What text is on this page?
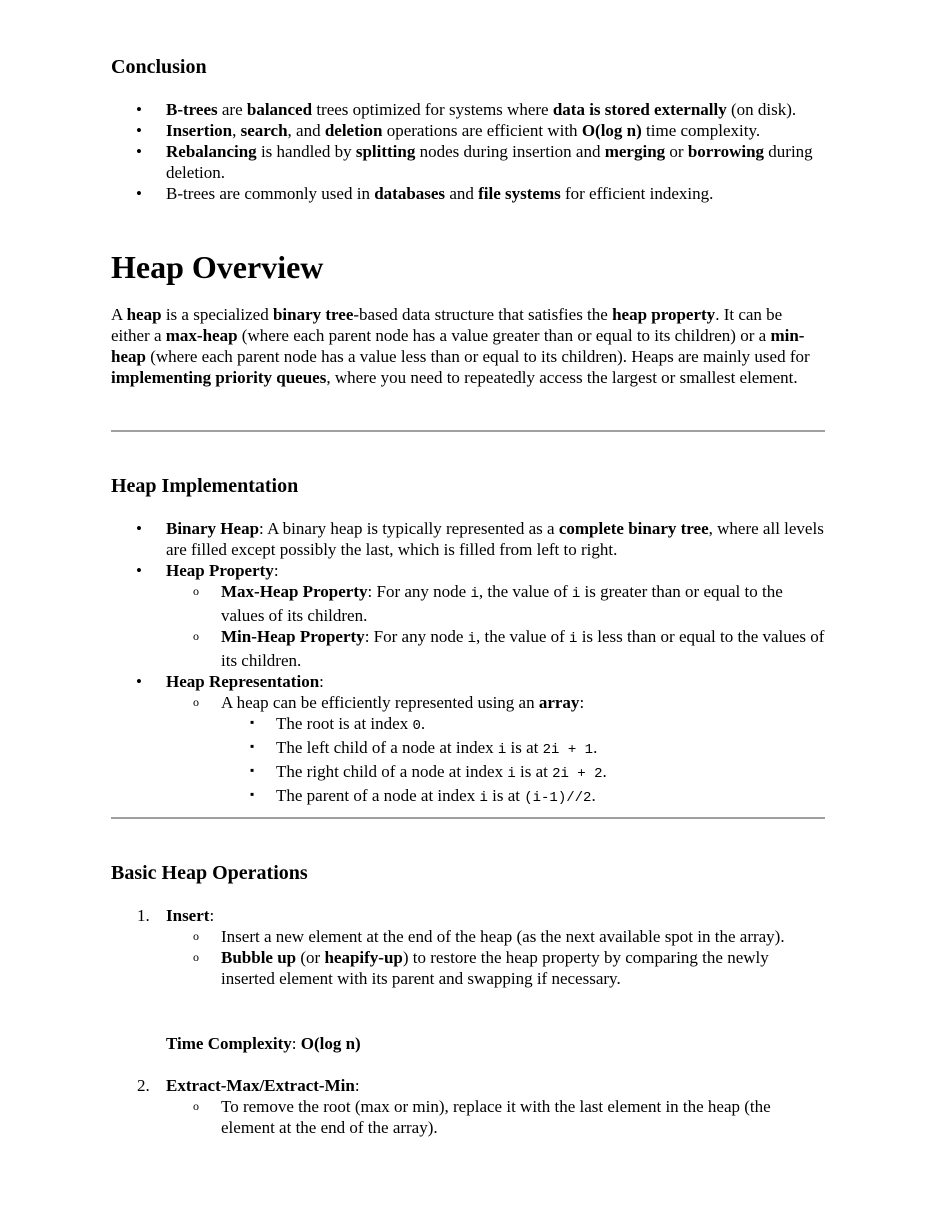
Conclusion
•	B-trees are balanced trees optimized for systems where data is stored externally (on disk).
•	Insertion, search, and deletion operations are efficient with O(log n) time complexity.
•	Rebalancing is handled by splitting nodes during insertion and merging or borrowing during deletion.
•	B-trees are commonly used in databases and file systems for efficient indexing.
Heap Overview

A heap is a specialized binary tree-based data structure that satisfies the heap property. It can be either a max-heap (where each parent node has a value greater than or equal to its children) or a min-heap (where each parent node has a value less than or equal to its children). Heaps are mainly used for implementing priority queues, where you need to repeatedly access the largest or smallest element.

Heap Implementation
•	Binary Heap: A binary heap is typically represented as a complete binary tree, where all levels are filled except possibly the last, which is filled from left to right.
•	Heap Property:
o Max-Heap Property: For any node i, the value of i is greater than or equal to the values of its children.
o Min-Heap Property: For any node i, the value of i is less than or equal to the values of its children.
•	Heap Representation:
o A heap can be efficiently represented using an array:
▪ The root is at index 0.
▪ The left child of a node at index i is at 2i + 1.
▪ The right child of a node at index i is at 2i + 2.
▪ The parent of a node at index i is at (i-1)//2.
Basic Heap Operations
1. Insert:
o Insert a new element at the end of the heap (as the next available spot in the array).
o Bubble up (or heapify-up) to restore the heap property by comparing the newly inserted element with its parent and swapping if necessary.

Time Complexity: O(log n)

2. Extract-Max/Extract-Min:
o To remove the root (max or min), replace it with the last element in the heap (the element at the end of the array).
